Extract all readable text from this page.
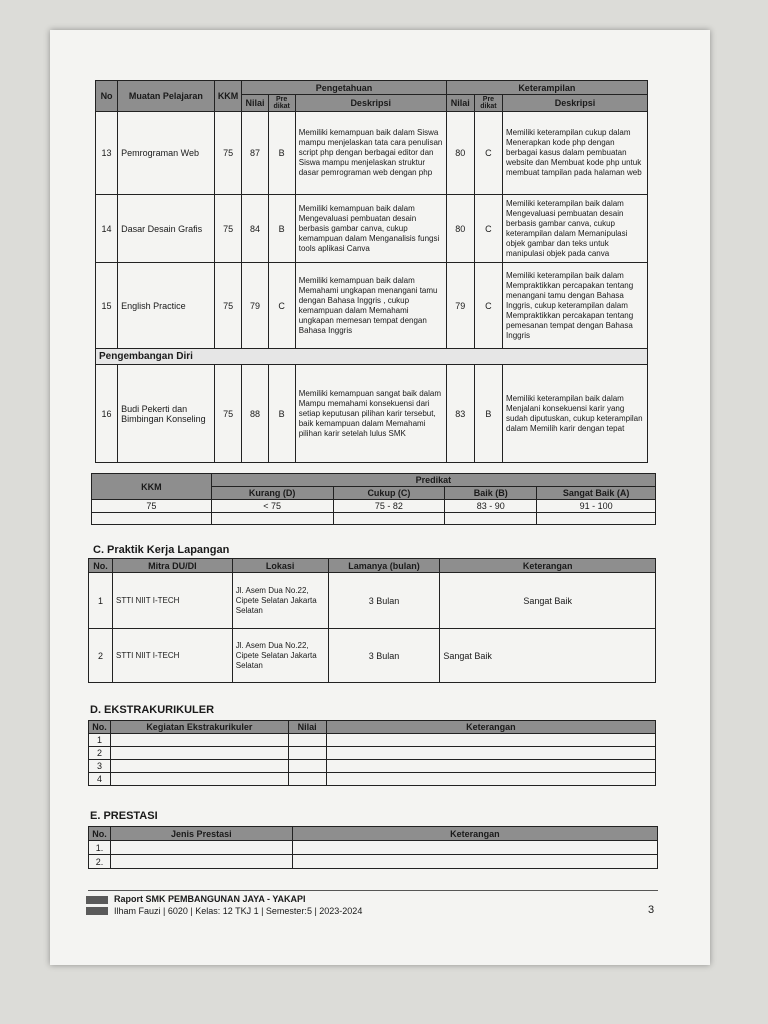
No	Muatan Pelajaran	KKM	Pengetahuan			Keterampilan		
			Nilai	Pre dikat	Deskripsi	Nilai	Pre dikat	Deskripsi
13	Pemrograman Web	75	87	B	Memiliki kemampuan baik dalam Siswa mampu menjelaskan tata cara penulisan script php dengan berbagai editor dan Siswa mampu menjelaskan struktur dasar pemrograman web dengan php	80	C	Memiliki keterampilan cukup dalam Menerapkan kode php dengan berbagai kasus dalam pembuatan website dan Membuat kode php untuk membuat tampilan pada halaman web
14	Dasar Desain Grafis	75	84	B	Memiliki kemampuan baik dalam Mengevaluasi pembuatan desain berbasis gambar canva, cukup kemampuan dalam Menganalisis fungsi tools aplikasi Canva	80	C	Memiliki keterampilan baik dalam Mengevaluasi pembuatan desain berbasis gambar canva, cukup keterampilan dalam Memanipulasi objek gambar dan teks untuk manipulasi objek pada canva
15	English Practice	75	79	C	Memiliki kemampuan baik dalam Memahami ungkapan menangani tamu dengan Bahasa Inggris , cukup kemampuan dalam Memahami ungkapan memesan tempat dengan Bahasa Inggris	79	C	Memiliki keterampilan baik dalam Mempraktikkan percapakan tentang menangani tamu dengan Bahasa Inggris, cukup keterampilan dalam Mempraktikkan percakapan tentang pemesanan tempat dengan Bahasa Inggris
Pengembangan Diri								
16	Budi Pekerti dan Bimbingan Konseling	75	88	B	Memiliki kemampuan sangat baik dalam Mampu memahami konsekuensi dari setiap keputusan pilihan karir tersebut, baik kemampuan dalam Memahami pilihan karir setelah lulus SMK	83	B	Memiliki keterampilan baik dalam Menjalani konsekuensi karir yang sudah diputuskan, cukup keterampilan dalam Memilih karir dengan tepat
KKM	Predikat			
	Kurang (D)	Cukup (C)	Baik (B)	Sangat Baik (A)
75	< 75	75 - 82	83 - 90	91 - 100

C. Praktik Kerja Lapangan
No.	Mitra DU/DI	Lokasi	Lamanya (bulan)	Keterangan
1	STTI NIIT I-TECH	Jl. Asem Dua No.22, Cipete Selatan Jakarta Selatan	3 Bulan	Sangat Baik
2	STTI NIIT I-TECH	Jl. Asem Dua No.22, Cipete Selatan Jakarta Selatan	3 Bulan	Sangat Baik
D. EKSTRAKURIKULER
No.	Kegiatan Ekstrakurikuler	Nilai	Keterangan
1			
2			
3			
4			
E. PRESTASI
No.	Jenis Prestasi	Keterangan
1.		
2.		
Raport SMK PEMBANGUNAN JAYA - YAKAPI
Ilham Fauzi | 6020 | Kelas: 12 TKJ 1 | Semester:5 | 2023-2024	3
